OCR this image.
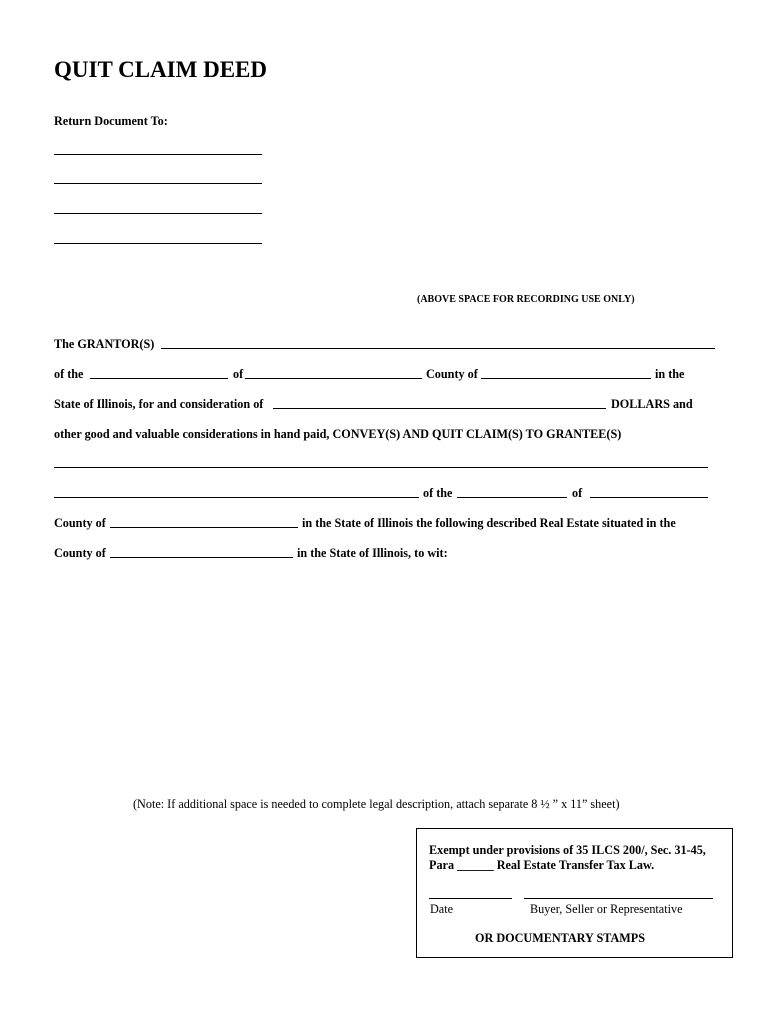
QUIT CLAIM DEED
Return Document To:
(ABOVE SPACE FOR RECORDING USE ONLY)
The GRANTOR(S)
of the	of	County of	in the
State of Illinois, for and consideration of	DOLLARS and
other good and valuable considerations in hand paid, CONVEY(S) AND QUIT CLAIM(S) TO GRANTEE(S)
of the	of
County of	in the State of Illinois the following described Real Estate situated in the
County of	in the State of Illinois, to wit:
(Note: If additional space is needed to complete legal description, attach separate 8 ½ ” x 11” sheet)
Exempt under provisions of 35 ILCS 200/, Sec. 31-45,
Para ______ Real Estate Transfer Tax Law.
Date	Buyer, Seller or Representative
OR DOCUMENTARY STAMPS
